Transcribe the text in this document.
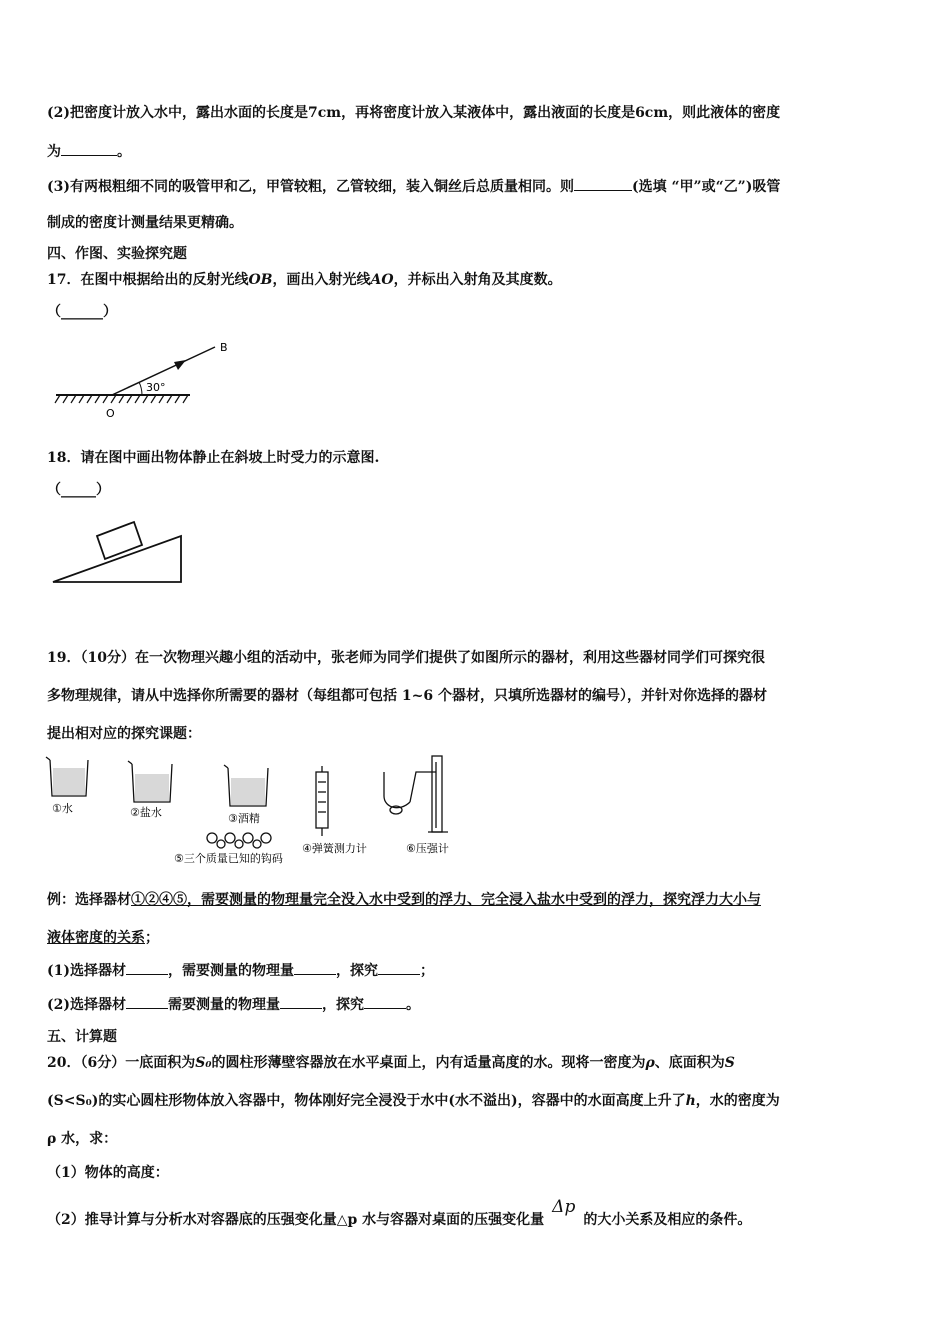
(2)把密度计放入水中，露出水面的长度是7cm，再将密度计放入某液体中，露出液面的长度是6cm，则此液体的密度
为	。
(3)有两根粗细不同的吸管甲和乙，甲管较粗，乙管较细，装入铜丝后总质量相同。则	(选填 “甲”或“乙”)吸管
制成的密度计测量结果更精确。
四、作图、实验探究题
17．在图中根据给出的反射光线OB，画出入射光线AO，并标出入射角及其度数。
（______）
30°
B
O
18．请在图中画出物体静止在斜坡上时受力的示意图.
（_____）
19．（10分）在一次物理兴趣小组的活动中，张老师为同学们提供了如图所示的器材，利用这些器材同学们可探究很
多物理规律，请从中选择你所需要的器材（每组都可包括 1~6 个器材，只填所选器材的编号），并针对你选择的器材
提出相对应的探究课题：
①水	②盐水	③酒精
⑤三个质量已知的钩码
④弹簧测力计	⑥压强计
例：选择器材①②④⑤，需要测量的物理量完全没入水中受到的浮力、完全浸入盐水中受到的浮力，探究浮力大小与
液体密度的关系；
(1)选择器材	，需要测量的物理量	，探究	；
(2)选择器材	需要测量的物理量	，探究	。
五、计算题
20．（6分）一底面积为S₀的圆柱形薄壁容器放在水平桌面上，内有适量高度的水。现将一密度为ρ、底面积为S
(S<S₀)的实心圆柱形物体放入容器中，物体刚好完全浸没于水中(水不溢出)，容器中的水面高度上升了h，水的密度为
ρ 水，求：
（1）物体的高度：
（2）推导计算与分析水对容器底的压强变化量△p 水与容器对桌面的压强变化量Δp的大小关系及相应的条件。
